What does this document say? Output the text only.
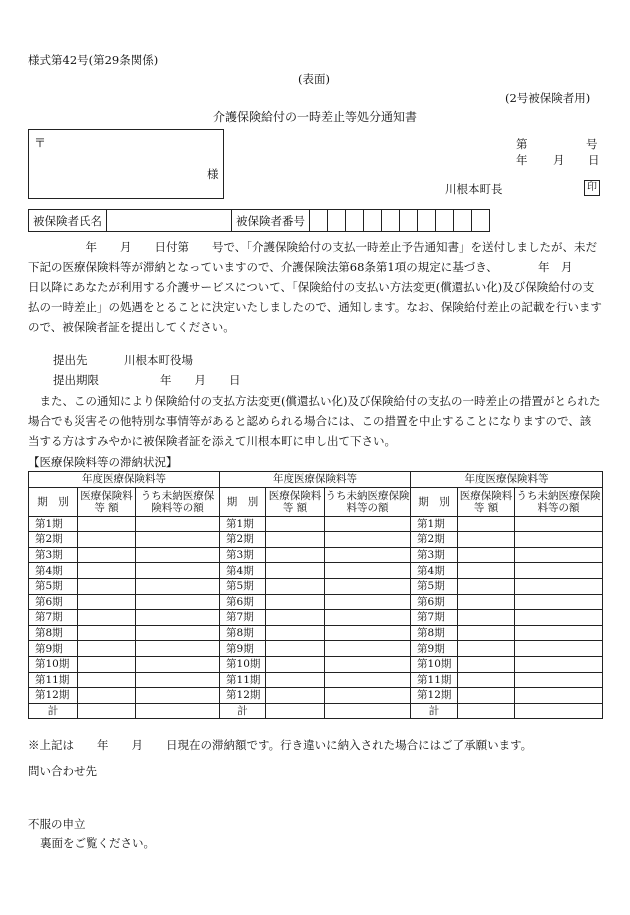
様式第42号(第29条関係)
(表面)
(2号被保険者用)
介護保険給付の一時差止等処分通知書
〒
様
第	号
年 月 日
川根本町長	印
被保険者氏名		被保険者番号										
　　　　　年　　月　　日付第　　号で、「介護保険給付の支払一時差止予告通知書」を送付しましたが、未だ下記の医療保険料等が滞納となっていますので、介護保険法第68条第1項の規定に基づき、　　　　年　月　　日以降にあなたが利用する介護サービスについて、「保険給付の支払い方法変更(償還払い化)及び保険給付の支払の一時差止」の処遇をとることに決定いたしましたので、通知します。なお、保険給付差止の記載を行いますので、被保険者証を提出してください。
提出先	川根本町役場
提出期限	年　　月　　日
　また、この通知により保険給付の支払方法変更(償還払い化)及び保険給付の支払の一時差止の措置がとられた場合でも災害その他特別な事情等があると認められる場合には、この措置を中止することになりますので、該当する方はすみやかに被保険者証を添えて川根本町に申し出て下さい。
【医療保険料等の滞納状況】
年度医療保険料等			年度医療保険料等			年度医療保険料等		
期　別	医療保険料 等 額	うち未納医療保険料等の額	期　別	医療保険料 等 額	うち未納医療保険料等の額	期　別	医療保険料 等 額	うち未納医療保険料等の額
第1期			第1期			第1期		
第2期			第2期			第2期		
第3期			第3期			第3期		
第4期			第4期			第4期		
第5期			第5期			第5期		
第6期			第6期			第6期		
第7期			第7期			第7期		
第8期			第8期			第8期		
第9期			第9期			第9期		
第10期			第10期			第10期		
第11期			第11期			第11期		
第12期			第12期			第12期		
計			計			計		
※上記は　　年　　月　　日現在の滞納額です。行き違いに納入された場合にはご了承願います。
問い合わせ先
不服の申立
裏面をご覧ください。
